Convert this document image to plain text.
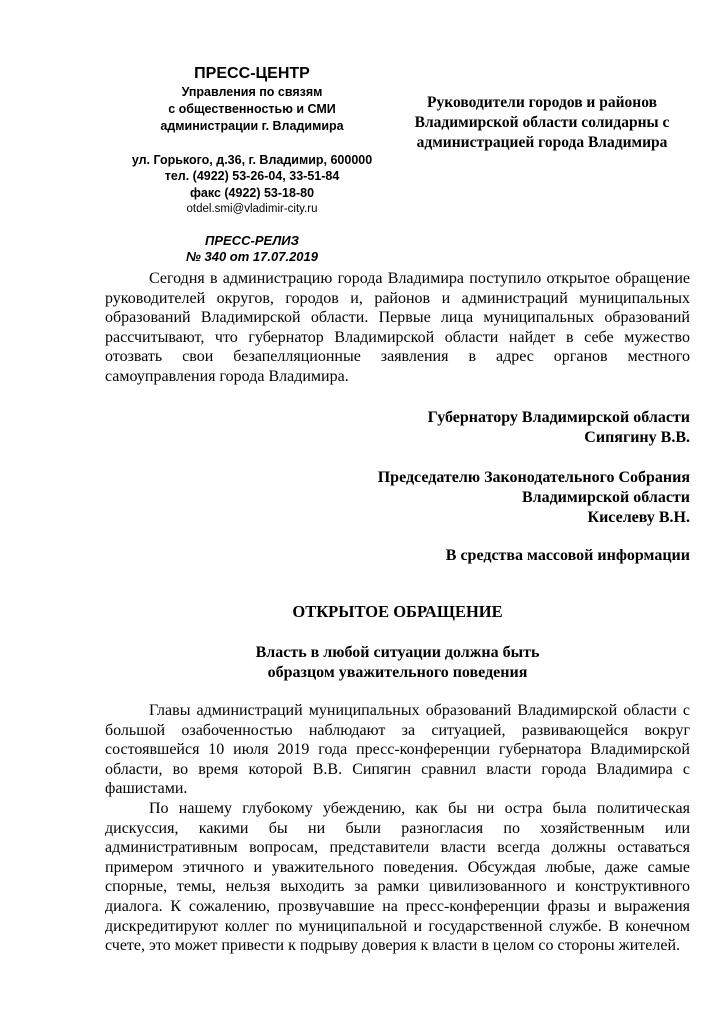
ПРЕСС-ЦЕНТР
Управления по связям
с общественностью и СМИ
администрации г. Владимира
ул. Горького, д.36, г. Владимир, 600000
тел. (4922) 53-26-04, 33-51-84
факс (4922) 53-18-80
otdel.smi@vladimir-city.ru
ПРЕСС-РЕЛИЗ
№ 340 от 17.07.2019
Руководители городов и районов
Владимирской области солидарны с
администрацией города Владимира

Сегодня в администрацию города Владимира поступило открытое обращение руководителей округов, городов и, районов и администраций муниципальных образований Владимирской области. Первые лица муниципальных образований рассчитывают, что губернатор Владимирской области найдет в себе мужество отозвать свои безапелляционные заявления в адрес органов местного самоуправления города Владимира.

Губернатору Владимирской области
Сипягину В.В.
Председателю Законодательного Собрания
Владимирской области
Киселеву В.Н.
В средства массовой информации
ОТКРЫТОЕ ОБРАЩЕНИЕ
Власть в любой ситуации должна быть
образцом уважительного поведения

Главы администраций муниципальных образований Владимирской области с большой озабоченностью наблюдают за ситуацией, развивающейся вокруг состоявшейся 10 июля 2019 года пресс-конференции губернатора Владимирской области, во время которой В.В. Сипягин сравнил власти города Владимира с фашистами.

По нашему глубокому убеждению, как бы ни остра была политическая дискуссия, какими бы ни были разногласия по хозяйственным или административным вопросам, представители власти всегда должны оставаться примером этичного и уважительного поведения. Обсуждая любые, даже самые спорные, темы, нельзя выходить за рамки цивилизованного и конструктивного диалога. К сожалению, прозвучавшие на пресс-конференции фразы и выражения дискредитируют коллег по муниципальной и государственной службе. В конечном счете, это может привести к подрыву доверия к власти в целом со стороны жителей.
